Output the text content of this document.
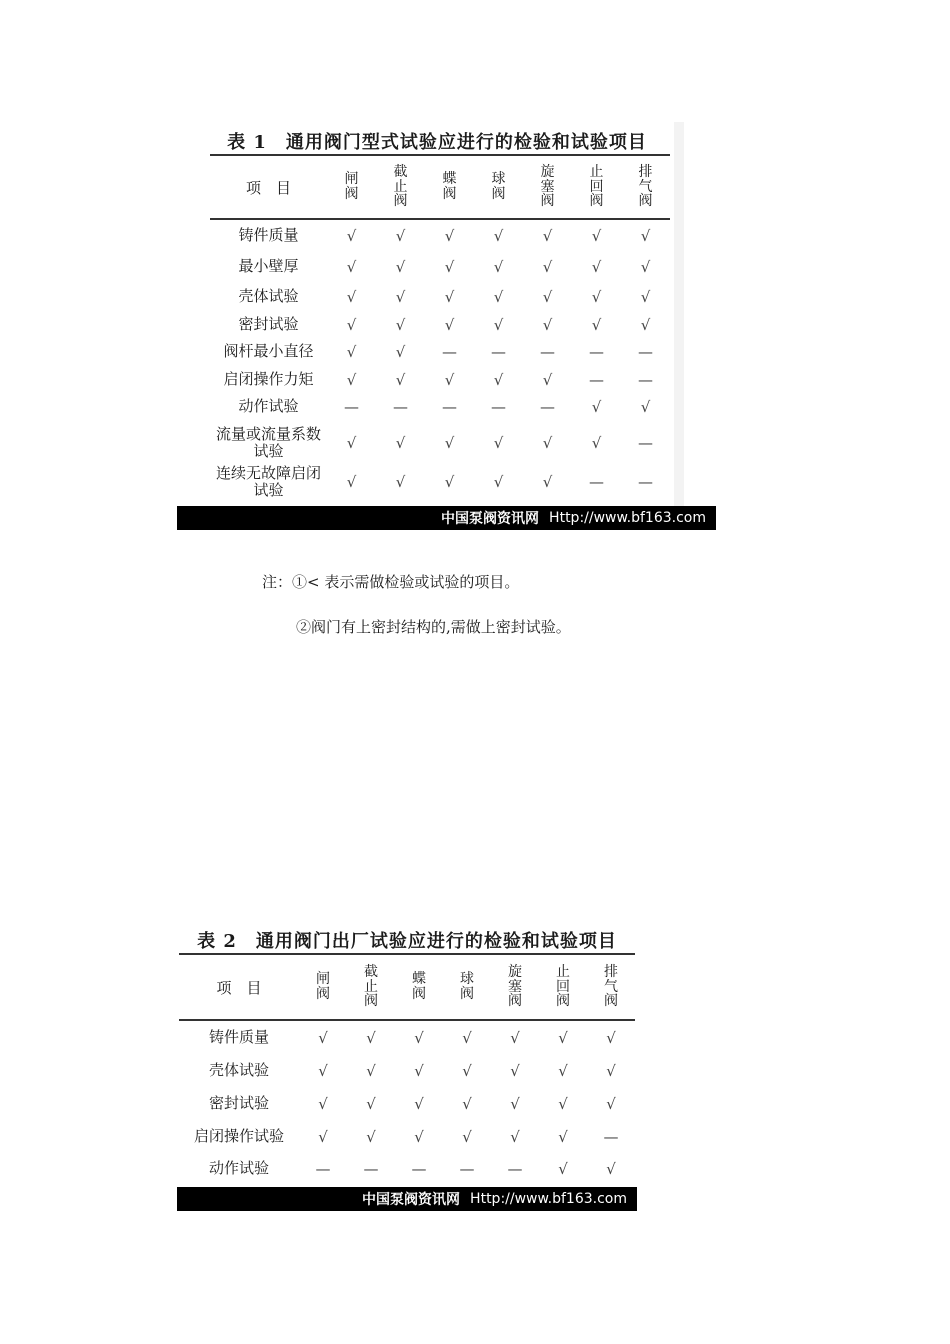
表 1　通用阀门型式试验应进行的检验和试验项目
项　目	闸阀	截止阀	蝶阀	球阀	旋塞阀	止回阀	排气阀
铸件质量	√	√	√	√	√	√	√
最小壁厚	√	√	√	√	√	√	√
壳体试验	√	√	√	√	√	√	√
密封试验	√	√	√	√	√	√	√
阀杆最小直径	√	√	—	—	—	—	—
启闭操作力矩	√	√	√	√	√	—	—
动作试验	—	—	—	—	—	√	√
流量或流量系数试验	√	√	√	√	√	√	—
连续无故障启闭试验	√	√	√	√	√	—	—
中国泵阀资讯网 Http://www.bf163.com
注：①< 表示需做检验或试验的项目。
②阀门有上密封结构的,需做上密封试验。
表 2　通用阀门出厂试验应进行的检验和试验项目
项　目	闸阀	截止阀	蝶阀	球阀	旋塞阀	止回阀	排气阀
铸件质量	√	√	√	√	√	√	√
壳体试验	√	√	√	√	√	√	√
密封试验	√	√	√	√	√	√	√
启闭操作试验	√	√	√	√	√	√	—
动作试验	—	—	—	—	—	√	√
中国泵阀资讯网 Http://www.bf163.com
